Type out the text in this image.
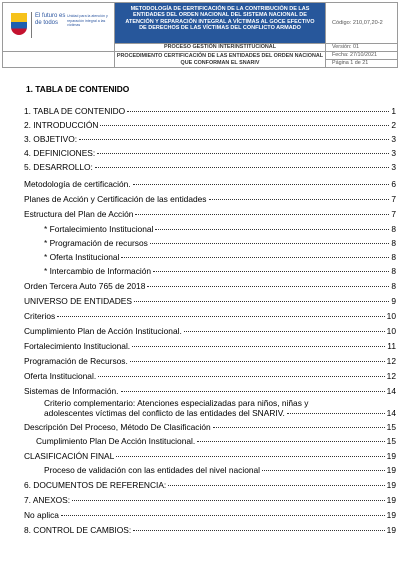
El futuro es de todos
Unidad para la atención y reparación integral a las víctimas
METODOLOGÍA DE CERTIFICACIÓN DE LA CONTRIBUCIÓN DE LAS ENTIDADES DEL ORDEN NACIONAL DEL SISTEMA NACIONAL DE ATENCIÓN Y REPARACIÓN INTEGRAL A VÍCTIMAS AL GOCE EFECTIVO DE DERECHOS DE LAS VÍCTIMAS DEL CONFLICTO ARMADO
Código: 210,07,20-2
PROCESO GESTIÓN INTERINSTITUCIONAL	Versión: 01
PROCEDIMIENTO CERTIFICACIÓN DE LAS ENTIDADES DEL ORDEN NACIONAL QUE CONFORMAN EL SNARIV
Fecha: 27/10/2021
Página 1 de 21
1. TABLA DE CONTENIDO
1. TABLA DE CONTENIDO	1
2. INTRODUCCIÓN	2
3. OBJETIVO:	3
4. DEFINICIONES:	3
5. DESARROLLO:	3
Metodología de certificación.	6
Planes de Acción y Certificación de las entidades	7
Estructura del Plan de Acción	7
* Fortalecimiento Institucional	8
* Programación de recursos	8
* Oferta Institucional	8
* Intercambio de Información	8
Orden Tercera Auto 765 de 2018	8
UNIVERSO DE ENTIDADES	9
Criterios	10
Cumplimiento Plan de Acción Institucional.	10
Fortalecimiento Institucional.	11
Programación de Recursos.	12
Oferta Institucional.	12
Sistemas de Información.	14
Criterio complementario: Atenciones especializadas para niños, niñas y
adolescentes víctimas del conflicto de las entidades del SNARIV.	14
Descripción Del Proceso, Método De Clasificación	15
Cumplimiento Plan De Acción Institucional.	15
CLASIFICACIÓN FINAL	19
Proceso de validación con las entidades del nivel nacional	19
6. DOCUMENTOS DE REFERENCIA:	19
7. ANEXOS:	19
No aplica	19
8. CONTROL DE CAMBIOS:	19
